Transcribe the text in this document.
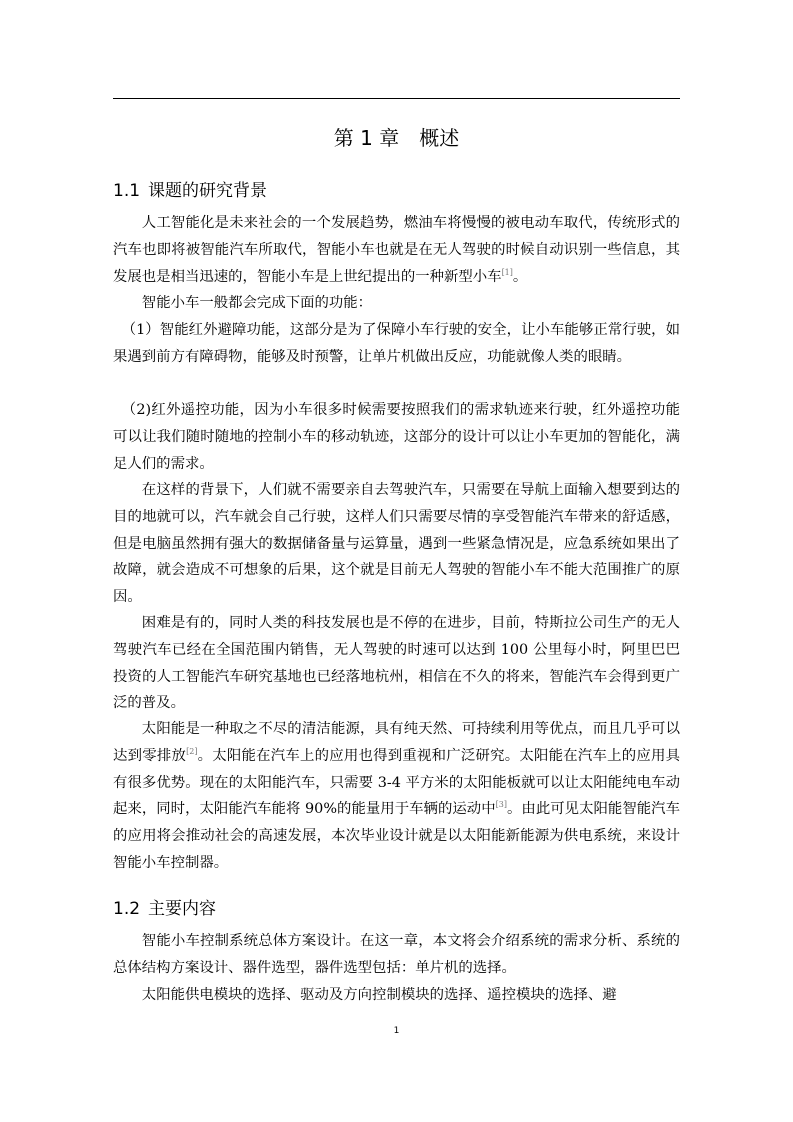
第 1 章　概述
1.1 课题的研究背景

人工智能化是未来社会的一个发展趋势，燃油车将慢慢的被电动车取代，传统形式的汽车也即将被智能汽车所取代，智能小车也就是在无人驾驶的时候自动识别一些信息，其发展也是相当迅速的，智能小车是上世纪提出的一种新型小车[1]。

智能小车一般都会完成下面的功能：

（1）智能红外避障功能，这部分是为了保障小车行驶的安全，让小车能够正常行驶，如果遇到前方有障碍物，能够及时预警，让单片机做出反应，功能就像人类的眼睛。

（2)红外遥控功能，因为小车很多时候需要按照我们的需求轨迹来行驶，红外遥控功能可以让我们随时随地的控制小车的移动轨迹，这部分的设计可以让小车更加的智能化，满足人们的需求。

在这样的背景下，人们就不需要亲自去驾驶汽车，只需要在导航上面输入想要到达的目的地就可以，汽车就会自己行驶，这样人们只需要尽情的享受智能汽车带来的舒适感，但是电脑虽然拥有强大的数据储备量与运算量，遇到一些紧急情况是，应急系统如果出了故障，就会造成不可想象的后果，这个就是目前无人驾驶的智能小车不能大范围推广的原因。

困难是有的，同时人类的科技发展也是不停的在进步，目前，特斯拉公司生产的无人驾驶汽车已经在全国范围内销售，无人驾驶的时速可以达到 100 公里每小时，阿里巴巴投资的人工智能汽车研究基地也已经落地杭州，相信在不久的将来，智能汽车会得到更广泛的普及。

太阳能是一种取之不尽的清洁能源，具有纯天然、可持续利用等优点，而且几乎可以达到零排放[2]。太阳能在汽车上的应用也得到重视和广泛研究。太阳能在汽车上的应用具有很多优势。现在的太阳能汽车，只需要 3-4 平方米的太阳能板就可以让太阳能纯电车动起来，同时，太阳能汽车能将 90%的能量用于车辆的运动中[3]。由此可见太阳能智能汽车的应用将会推动社会的高速发展，本次毕业设计就是以太阳能新能源为供电系统，来设计智能小车控制器。

1.2 主要内容

智能小车控制系统总体方案设计。在这一章，本文将会介绍系统的需求分析、系统的总体结构方案设计、器件选型，器件选型包括：单片机的选择。

太阳能供电模块的选择、驱动及方向控制模块的选择、遥控模块的选择、避

1
